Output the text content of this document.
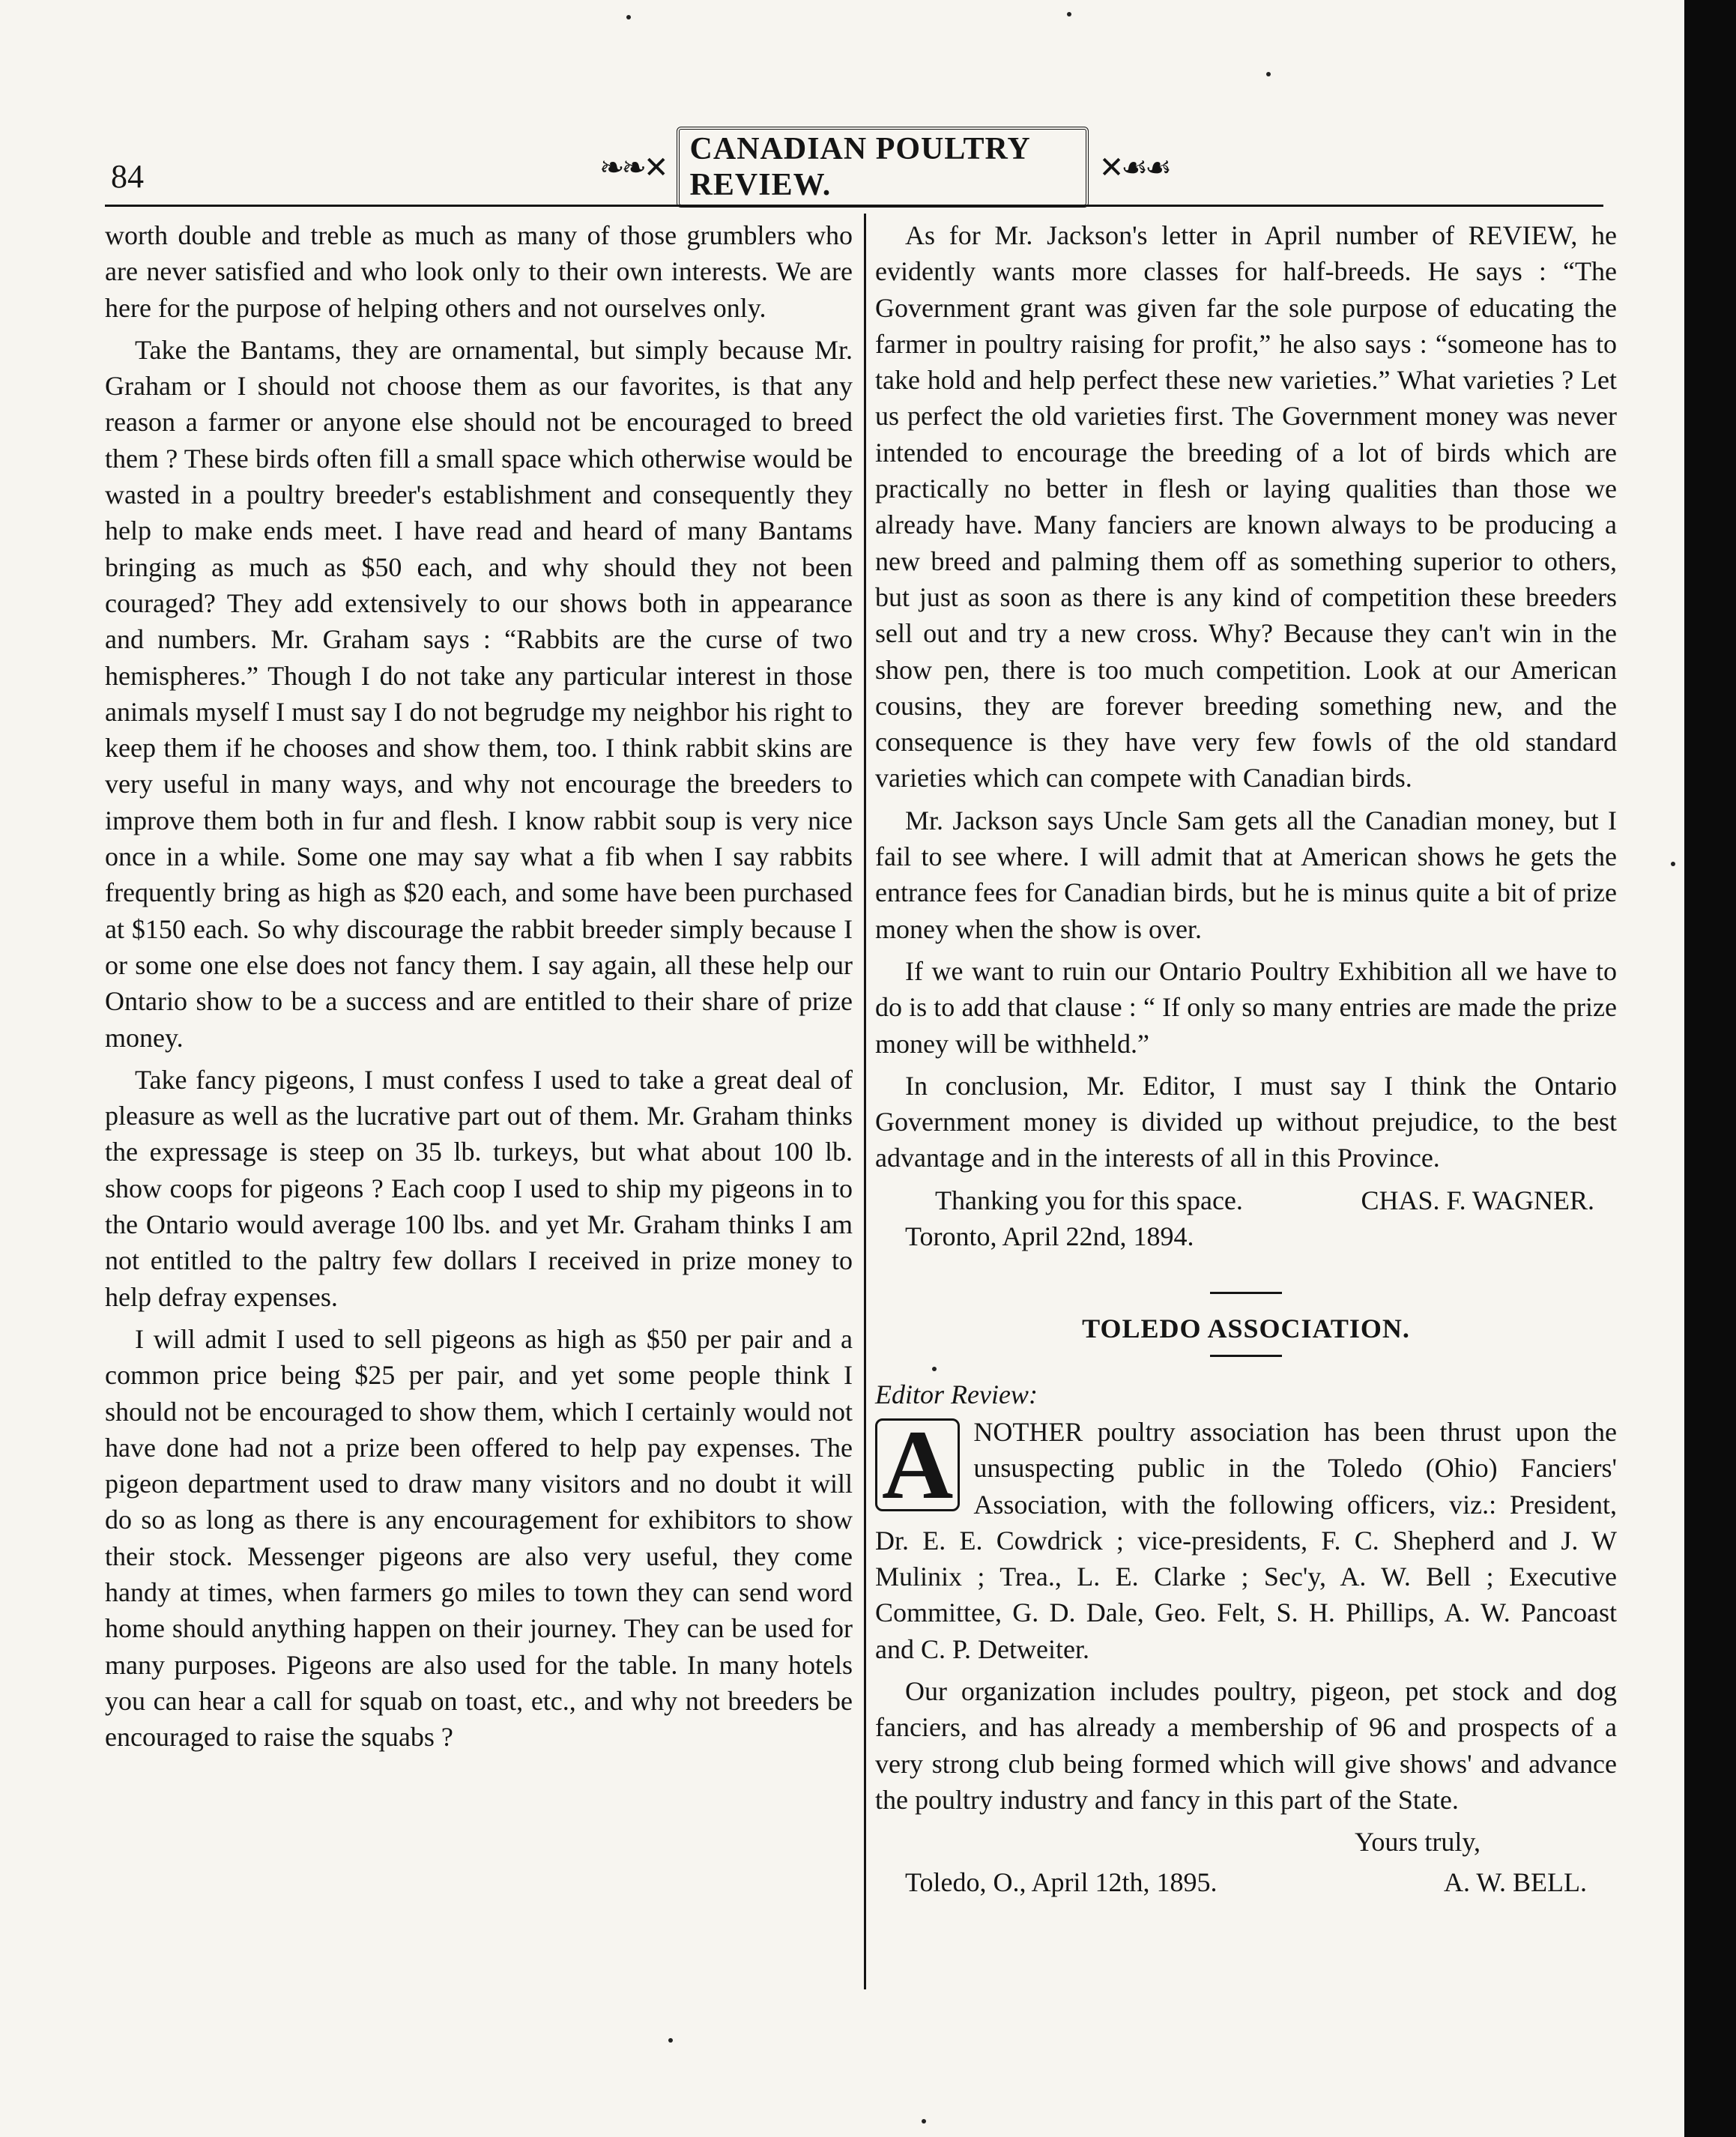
84	❧❧✕
CANADIAN POULTRY REVIEW.
✕☙☙

worth double and treble as much as many of those grumblers who are never satisfied and who look only to their own interests. We are here for the purpose of helping others and not ourselves only.

Take the Bantams, they are ornamental, but simply because Mr. Graham or I should not choose them as our favorites, is that any reason a farmer or anyone else should not be encouraged to breed them ? These birds often fill a small space which otherwise would be wasted in a poultry breeder's establishment and consequently they help to make ends meet. I have read and heard of many Bantams bringing as much as $50 each, and why should they not been couraged? They add extensively to our shows both in appearance and numbers. Mr. Graham says : “Rabbits are the curse of two hemispheres.” Though I do not take any particular interest in those animals myself I must say I do not begrudge my neighbor his right to keep them if he chooses and show them, too. I think rabbit skins are very useful in many ways, and why not encourage the breeders to improve them both in fur and flesh. I know rabbit soup is very nice once in a while. Some one may say what a fib when I say rabbits frequently bring as high as $20 each, and some have been purchased at $150 each. So why discourage the rabbit breeder simply because I or some one else does not fancy them. I say again, all these help our Ontario show to be a success and are entitled to their share of prize money.

Take fancy pigeons, I must confess I used to take a great deal of pleasure as well as the lucrative part out of them. Mr. Graham thinks the expressage is steep on 35 lb. turkeys, but what about 100 lb. show coops for pigeons ? Each coop I used to ship my pigeons in to the Ontario would average 100 lbs. and yet Mr. Graham thinks I am not entitled to the paltry few dollars I received in prize money to help defray expenses.

I will admit I used to sell pigeons as high as $50 per pair and a common price being $25 per pair, and yet some people think I should not be encouraged to show them, which I certainly would not have done had not a prize been offered to help pay expenses. The pigeon department used to draw many visitors and no doubt it will do so as long as there is any encouragement for exhibitors to show their stock. Messenger pigeons are also very useful, they come handy at times, when farmers go miles to town they can send word home should anything happen on their journey. They can be used for many purposes. Pigeons are also used for the table. In many hotels you can hear a call for squab on toast, etc., and why not breeders be encouraged to raise the squabs ?

As for Mr. Jackson's letter in April number of REVIEW, he evidently wants more classes for half-breeds. He says : “The Government grant was given far the sole purpose of educating the farmer in poultry raising for profit,” he also says : “someone has to take hold and help perfect these new varieties.” What varieties ? Let us perfect the old varieties first. The Government money was never intended to encourage the breeding of a lot of birds which are practically no better in flesh or laying qualities than those we already have. Many fanciers are known always to be producing a new breed and palming them off as something superior to others, but just as soon as there is any kind of competition these breeders sell out and try a new cross. Why? Because they can't win in the show pen, there is too much competition. Look at our American cousins, they are forever breeding something new, and the consequence is they have very few fowls of the old standard varieties which can compete with Canadian birds.

Mr. Jackson says Uncle Sam gets all the Canadian money, but I fail to see where. I will admit that at American shows he gets the entrance fees for Canadian birds, but he is minus quite a bit of prize money when the show is over.

If we want to ruin our Ontario Poultry Exhibition all we have to do is to add that clause : “ If only so many entries are made the prize money will be withheld.”

In conclusion, Mr. Editor, I must say I think the Ontario Government money is divided up without prejudice, to the best advantage and in the interests of all in this Province.

Thanking you for this space.	CHAS. F. WAGNER.
Toronto, April 22nd, 1894.
TOLEDO ASSOCIATION.
Editor Review:

A NOTHER poultry association has been thrust upon the unsuspecting public in the Toledo (Ohio) Fanciers' Association, with the following officers, viz.: President, Dr. E. E. Cowdrick ; vice-presidents, F. C. Shepherd and J. W Mulinix ; Trea., L. E. Clarke ; Sec'y, A. W. Bell ; Executive Committee, G. D. Dale, Geo. Felt, S. H. Phillips, A. W. Pancoast and C. P. Detweiter.

Our organization includes poultry, pigeon, pet stock and dog fanciers, and has already a membership of 96 and prospects of a very strong club being formed which will give shows' and advance the poultry industry and fancy in this part of the State.

Yours truly,
Toledo, O., April 12th, 1895.	A. W. BELL.
